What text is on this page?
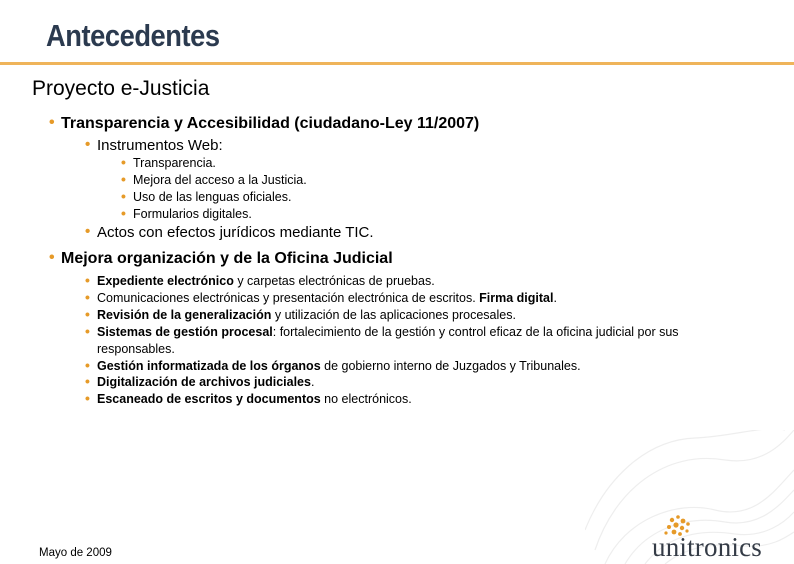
Antecedentes
Proyecto e-Justicia
• Transparencia y Accesibilidad (ciudadano-Ley 11/2007)
• Instrumentos Web:
• Transparencia.
• Mejora del acceso a la Justicia.
• Uso de las lenguas oficiales.
• Formularios digitales.
• Actos con efectos jurídicos mediante TIC.
• Mejora organización y de la Oficina Judicial
• Expediente electrónico y carpetas electrónicas de pruebas.
• Comunicaciones electrónicas y presentación electrónica de escritos. Firma digital.
• Revisión de la generalización y utilización de las aplicaciones procesales.
• Sistemas de gestión procesal: fortalecimiento de la gestión y control eficaz de la oficina judicial por sus
responsables.
• Gestión informatizada de los órganos de gobierno interno de Juzgados y Tribunales.
• Digitalización de archivos judiciales.
• Escaneado de escritos y documentos no electrónicos.
Mayo de 2009	unitronics
